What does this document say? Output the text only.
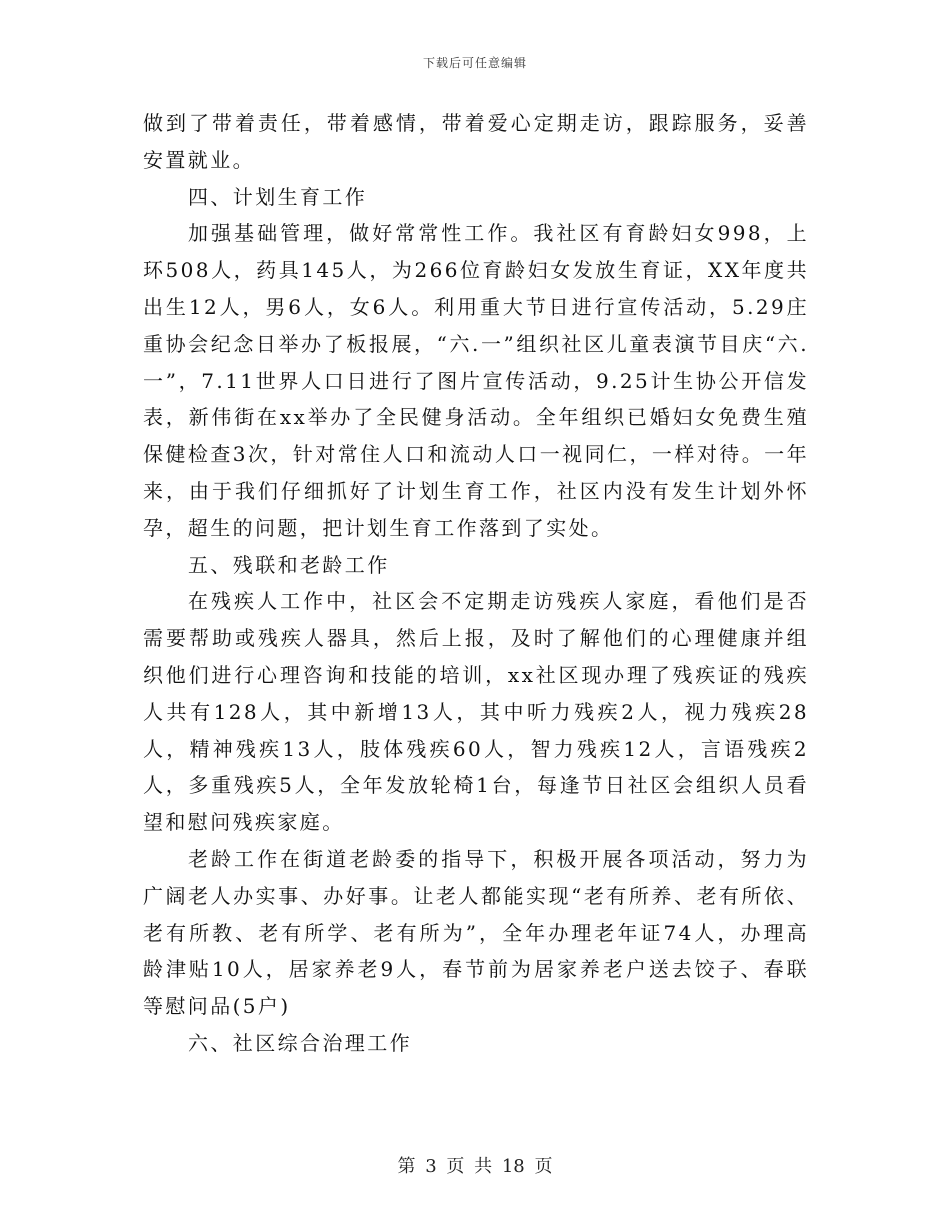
下载后可任意编辑

做到了带着责任，带着感情，带着爱心定期走访，跟踪服务，妥善安置就业。

四、计划生育工作

加强基础管理，做好常常性工作。我社区有育龄妇女998，上环508人，药具145人，为266位育龄妇女发放生育证，XX年度共出生12人，男6人，女6人。利用重大节日进行宣传活动，5.29庄重协会纪念日举办了板报展，“六.一”组织社区儿童表演节目庆“六.一”，7.11世界人口日进行了图片宣传活动，9.25计生协公开信发表，新伟街在xx举办了全民健身活动。全年组织已婚妇女免费生殖保健检查3次，针对常住人口和流动人口一视同仁，一样对待。一年来，由于我们仔细抓好了计划生育工作，社区内没有发生计划外怀孕，超生的问题，把计划生育工作落到了实处。

五、残联和老龄工作

在残疾人工作中，社区会不定期走访残疾人家庭，看他们是否需要帮助或残疾人器具，然后上报，及时了解他们的心理健康并组织他们进行心理咨询和技能的培训，xx社区现办理了残疾证的残疾人共有128人，其中新增13人，其中听力残疾2人，视力残疾28人，精神残疾13人，肢体残疾60人，智力残疾12人，言语残疾2人，多重残疾5人，全年发放轮椅1台，每逢节日社区会组织人员看望和慰问残疾家庭。

老龄工作在街道老龄委的指导下，积极开展各项活动，努力为广阔老人办实事、办好事。让老人都能实现“老有所养、老有所依、老有所教、老有所学、老有所为”，全年办理老年证74人，办理高龄津贴10人，居家养老9人，春节前为居家养老户送去饺子、春联等慰问品(5户)

六、社区综合治理工作

第 3 页 共 18 页
